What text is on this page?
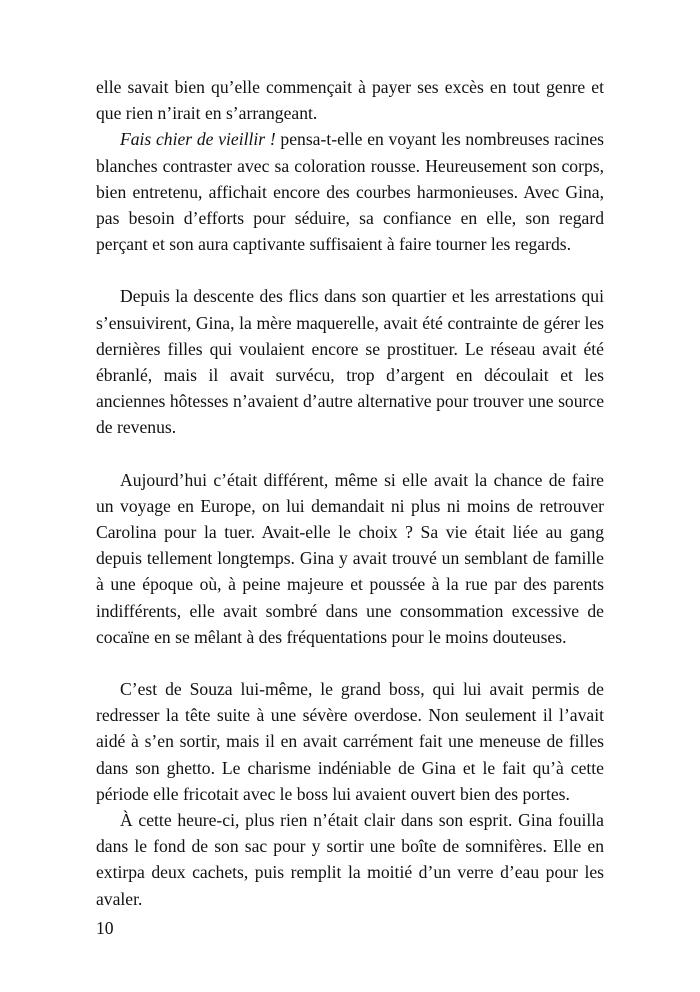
elle savait bien qu’elle commençait à payer ses excès en tout genre et que rien n’irait en s’arrangeant.

Fais chier de vieillir ! pensa-t-elle en voyant les nombreuses racines blanches contraster avec sa coloration rousse. Heureusement son corps, bien entretenu, affichait encore des courbes harmonieuses. Avec Gina, pas besoin d’efforts pour séduire, sa confiance en elle, son regard perçant et son aura captivante suffisaient à faire tourner les regards.

Depuis la descente des flics dans son quartier et les arrestations qui s’ensuivirent, Gina, la mère maquerelle, avait été contrainte de gérer les dernières filles qui voulaient encore se prostituer. Le réseau avait été ébranlé, mais il avait survécu, trop d’argent en découlait et les anciennes hôtesses n’avaient d’autre alternative pour trouver une source de revenus.

Aujourd’hui c’était différent, même si elle avait la chance de faire un voyage en Europe, on lui demandait ni plus ni moins de retrouver Carolina pour la tuer. Avait-elle le choix ? Sa vie était liée au gang depuis tellement longtemps. Gina y avait trouvé un semblant de famille à une époque où, à peine majeure et poussée à la rue par des parents indifférents, elle avait sombré dans une consommation excessive de cocaïne en se mêlant à des fréquentations pour le moins douteuses.

C’est de Souza lui-même, le grand boss, qui lui avait permis de redresser la tête suite à une sévère overdose. Non seulement il l’avait aidé à s’en sortir, mais il en avait carrément fait une meneuse de filles dans son ghetto. Le charisme indéniable de Gina et le fait qu’à cette période elle fricotait avec le boss lui avaient ouvert bien des portes.

À cette heure-ci, plus rien n’était clair dans son esprit. Gina fouilla dans le fond de son sac pour y sortir une boîte de somnifères. Elle en extirpa deux cachets, puis remplit la moitié d’un verre d’eau pour les avaler.

10
